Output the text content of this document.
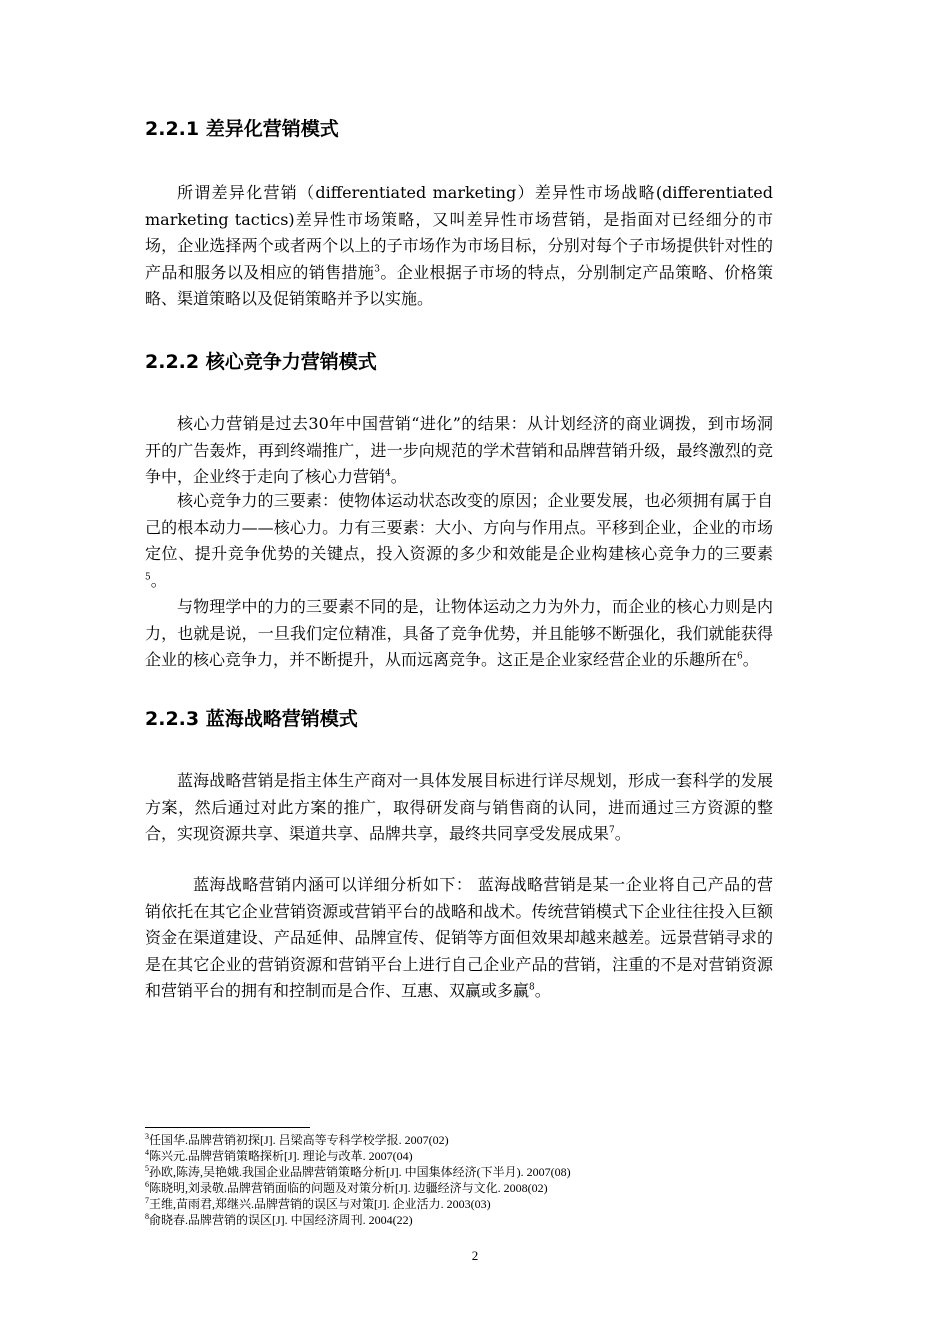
2.2.1 差异化营销模式

所谓差异化营销（differentiated marketing）差异性市场战略(differentiated marketing tactics)差异性市场策略，又叫差异性市场营销，是指面对已经细分的市场，企业选择两个或者两个以上的子市场作为市场目标，分别对每个子市场提供针对性的产品和服务以及相应的销售措施$^3$。企业根据子市场的特点，分别制定产品策略、价格策略、渠道策略以及促销策略并予以实施。

2.2.2 核心竞争力营销模式

核心力营销是过去30年中国营销“进化”的结果：从计划经济的商业调拨，到市场洞开的广告轰炸，再到终端推广，进一步向规范的学术营销和品牌营销升级，最终激烈的竞争中，企业终于走向了核心力营销$^4$。

核心竞争力的三要素：使物体运动状态改变的原因；企业要发展，也必须拥有属于自己的根本动力——核心力。力有三要素：大小、方向与作用点。平移到企业，企业的市场定位、提升竞争优势的关键点，投入资源的多少和效能是企业构建核心竞争力的三要素$^5$。

与物理学中的力的三要素不同的是，让物体运动之力为外力，而企业的核心力则是内力，也就是说，一旦我们定位精准，具备了竞争优势，并且能够不断强化，我们就能获得企业的核心竞争力，并不断提升，从而远离竞争。这正是企业家经营企业的乐趣所在$^6$。

2.2.3 蓝海战略营销模式

蓝海战略营销是指主体生产商对一具体发展目标进行详尽规划，形成一套科学的发展方案，然后通过对此方案的推广，取得研发商与销售商的认同，进而通过三方资源的整合，实现资源共享、渠道共享、品牌共享，最终共同享受发展成果$^7$。

蓝海战略营销内涵可以详细分析如下： 蓝海战略营销是某一企业将自己产品的营销依托在其它企业营销资源或营销平台的战略和战术。传统营销模式下企业往往投入巨额资金在渠道建设、产品延伸、品牌宣传、促销等方面但效果却越来越差。远景营销寻求的是在其它企业的营销资源和营销平台上进行自己企业产品的营销，注重的不是对营销资源和营销平台的拥有和控制而是合作、互惠、双赢或多赢$^8$。

$^3$任国华.品牌营销初探[J]. 吕梁高等专科学校学报. 2007(02)
$^4$陈兴元.品牌营销策略探析[J]. 理论与改革. 2007(04)
$^5$孙欧,陈涛,吴艳娥.我国企业品牌营销策略分析[J]. 中国集体经济(下半月). 2007(08)
$^6$陈晓明,刘录敬.品牌营销面临的问题及对策分析[J]. 边疆经济与文化. 2008(02)
$^7$王维,苗雨君,郑继兴.品牌营销的误区与对策[J]. 企业活力. 2003(03)
$^8$俞晓春.品牌营销的误区[J]. 中国经济周刊. 2004(22)
2
